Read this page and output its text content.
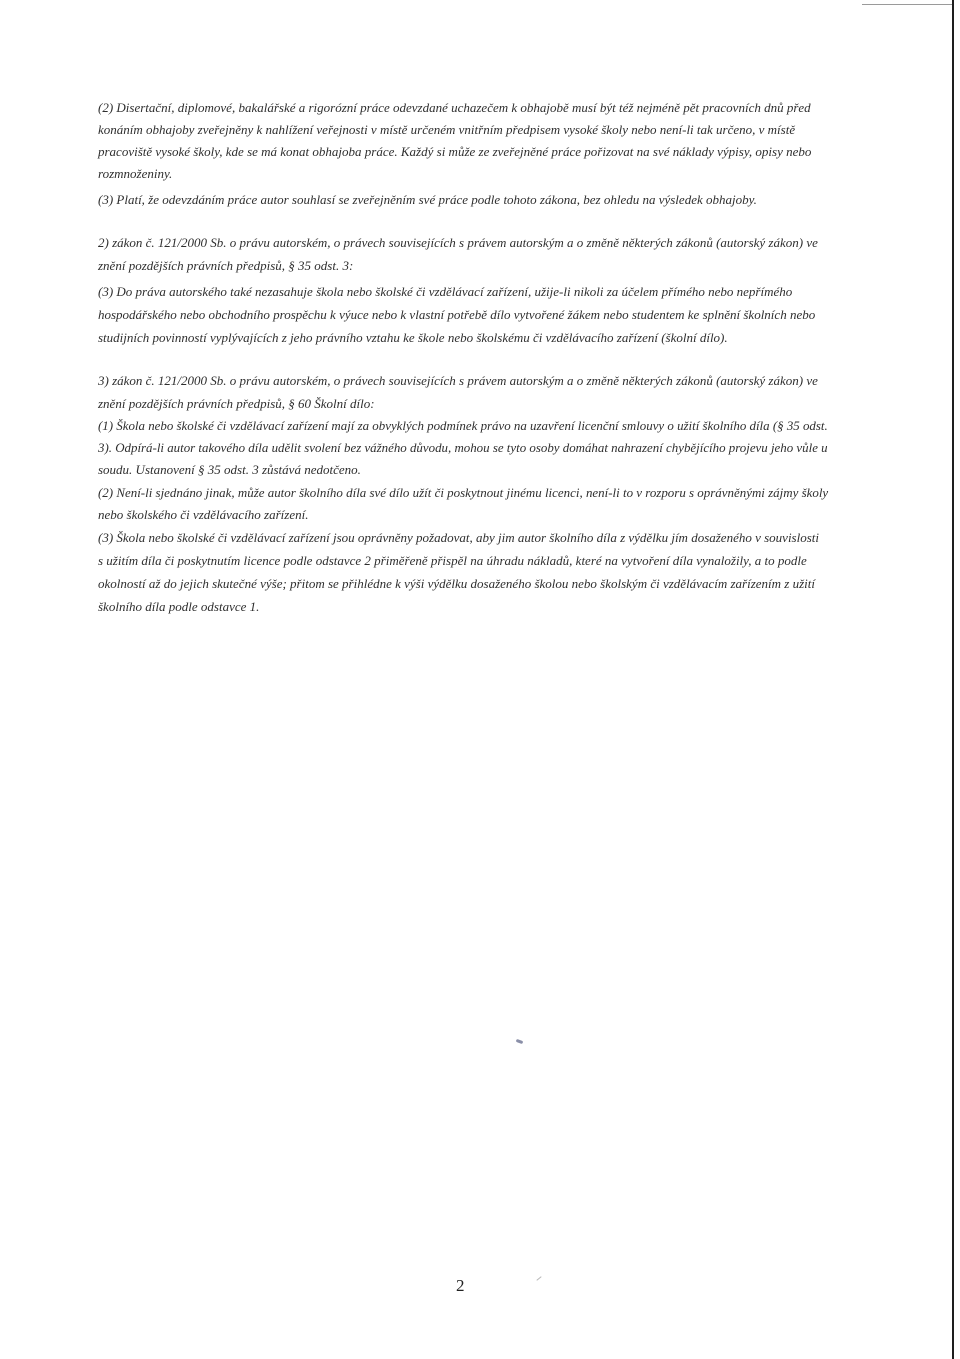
(2) Disertační, diplomové, bakalářské a rigorózní práce odevzdané uchazečem k obhajobě musí být též nejméně pět pracovních dnů před
konáním obhajoby zveřejněny k nahlížení veřejnosti v místě určeném vnitřním předpisem vysoké školy nebo není-li tak určeno, v místě
pracoviště vysoké školy, kde se má konat obhajoba práce. Každý si může ze zveřejněné práce pořizovat na své náklady výpisy, opisy nebo
rozmnoženiny.
(3) Platí, že odevzdáním práce autor souhlasí se zveřejněním své práce podle tohoto zákona, bez ohledu na výsledek obhajoby.
2) zákon č. 121/2000 Sb. o právu autorském, o právech souvisejících s právem autorským a o změně některých zákonů (autorský zákon) ve
znění pozdějších právních předpisů, § 35 odst. 3:
(3) Do práva autorského také nezasahuje škola nebo školské či vzdělávací zařízení, užije-li nikoli za účelem přímého nebo nepřímého
hospodářského nebo obchodního prospěchu k výuce nebo k vlastní potřebě dílo vytvořené žákem nebo studentem ke splnění školních nebo
studijních povinností vyplývajících z jeho právního vztahu ke škole nebo školskému či vzdělávacího zařízení (školní dílo).
3) zákon č. 121/2000 Sb. o právu autorském, o právech souvisejících s právem autorským a o změně některých zákonů (autorský zákon) ve
znění pozdějších právních předpisů, § 60 Školní dílo:
(1) Škola nebo školské či vzdělávací zařízení mají za obvyklých podmínek právo na uzavření licenční smlouvy o užití školního díla (§ 35 odst.
3). Odpírá-li autor takového díla udělit svolení bez vážného důvodu, mohou se tyto osoby domáhat nahrazení chybějícího projevu jeho vůle u
soudu. Ustanovení § 35 odst. 3 zůstává nedotčeno.
(2) Není-li sjednáno jinak, může autor školního díla své dílo užít či poskytnout jinému licenci, není-li to v rozporu s oprávněnými zájmy školy
nebo školského či vzdělávacího zařízení.
(3) Škola nebo školské či vzdělávací zařízení jsou oprávněny požadovat, aby jim autor školního díla z výdělku jím dosaženého v souvislosti
s užitím díla či poskytnutím licence podle odstavce 2 přiměřeně přispěl na úhradu nákladů, které na vytvoření díla vynaložily, a to podle
okolností až do jejich skutečné výše; přitom se přihlédne k výši výdělku dosaženého školou nebo školským či vzdělávacím zařízením z užití
školního díla podle odstavce 1.
2
